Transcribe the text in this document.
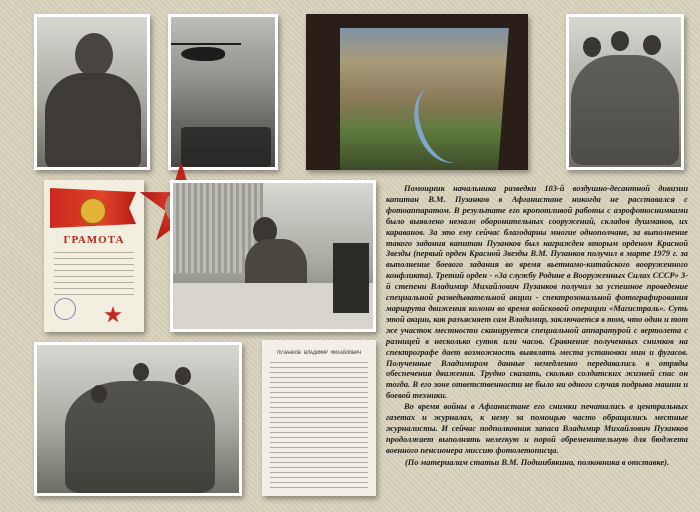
ГРАМОТА
ПУЗАНКОВ ВЛАДИМИР МИХАЙЛОВИЧ

Помощник начальника разведки 103-й воздушно-десантной дивизии капитан В.М. Пузанков в Афганистане никогда не расставался с фотоаппаратом. В результате его кропотливой работы с аэрофотоснимками было выявлено немало оборонительных сооружений, складов душманов, их караванов. За это ему сейчас благодарны многие однополчане, за выполнение такого задания капитан Пузанков был награжден вторым орденом Красной Звезды (первый орден Красной Звезды В.М. Пузанков получил в марте 1979 г. за выполнение боевого задания во время вьетнамо-китайского вооруженного конфликта). Третий орден - «За службу Родине в Вооруженных Силах СССР» 3-й степени Владимир Михайлович Пузанков получил за успешное проведение специальной разведывательной акции - спектрозональной фотографирования маршрута движения колонн во время войсковой операции «Магистраль». Суть этой акции, как разъясняет сам Владимир, заключается в том, что один и тот же участок местности сканируется специальной аппаратурой с вертолета с разницей в несколько суток или часов. Сравнение полученных снимков на спектрографе дает возможность выявлять места установки мин и фугасов. Полученные Владимиром данные немедленно передавались в отряды обеспечения движения. Трудно сказать, сколько солдатских жизней спас он тогда. В его зоне ответственности не было ни одного случая подрыва машин и боевой техники.

Во время войны в Афганистане его снимки печатались в центральных газетах и журналах, к нему за помощью часто обращались местные журналисты. И сейчас подполковник запаса Владимир Михайлович Пузанков продолжает выполнять нелегкую и порой обременительную для бюджета военного пенсионера миссию фотолетописца.

(По материалам статьи В.М. Подшибякина, полковника в отставке).
